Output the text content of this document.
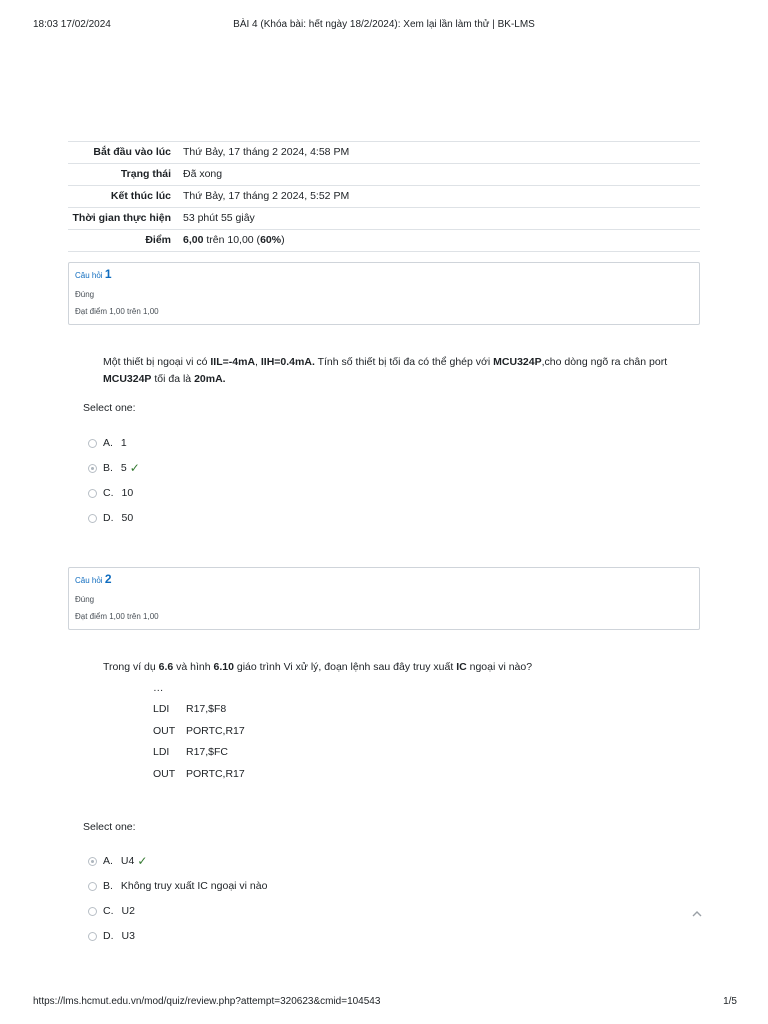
18:03 17/02/2024	BÀI 4 (Khóa bài: hết ngày 18/2/2024): Xem lại lần làm thử | BK-LMS
Bắt đầu vào lúc	Thứ Bảy, 17 tháng 2 2024, 4:58 PM
Trạng thái	Đã xong
Kết thúc lúc	Thứ Bảy, 17 tháng 2 2024, 5:52 PM
Thời gian thực hiện	53 phút 55 giây
Điểm	6,00 trên 10,00 (60%)
Câu hỏi 1
Đúng
Đạt điểm 1,00 trên 1,00
Một thiết bị ngoại vi có IIL=-4mA, IIH=0.4mA. Tính số thiết bị tối đa có thể ghép với MCU324P,cho dòng ngõ ra chân port MCU324P tối đa là 20mA.
Select one:
A. 1
B. 5 ✓
C. 10
D. 50
Câu hỏi 2
Đúng
Đạt điểm 1,00 trên 1,00
Trong ví dụ 6.6 và hình 6.10 giáo trình Vi xử lý, đoạn lệnh sau đây truy xuất IC ngoại vi nào?
…
LDI R17,$F8
OUT PORTC,R17
LDI R17,$FC
OUT PORTC,R17
Select one:
A. U4 ✓
B. Không truy xuất IC ngoại vi nào
C. U2
D. U3
https://lms.hcmut.edu.vn/mod/quiz/review.php?attempt=320623&cmid=104543	1/5
